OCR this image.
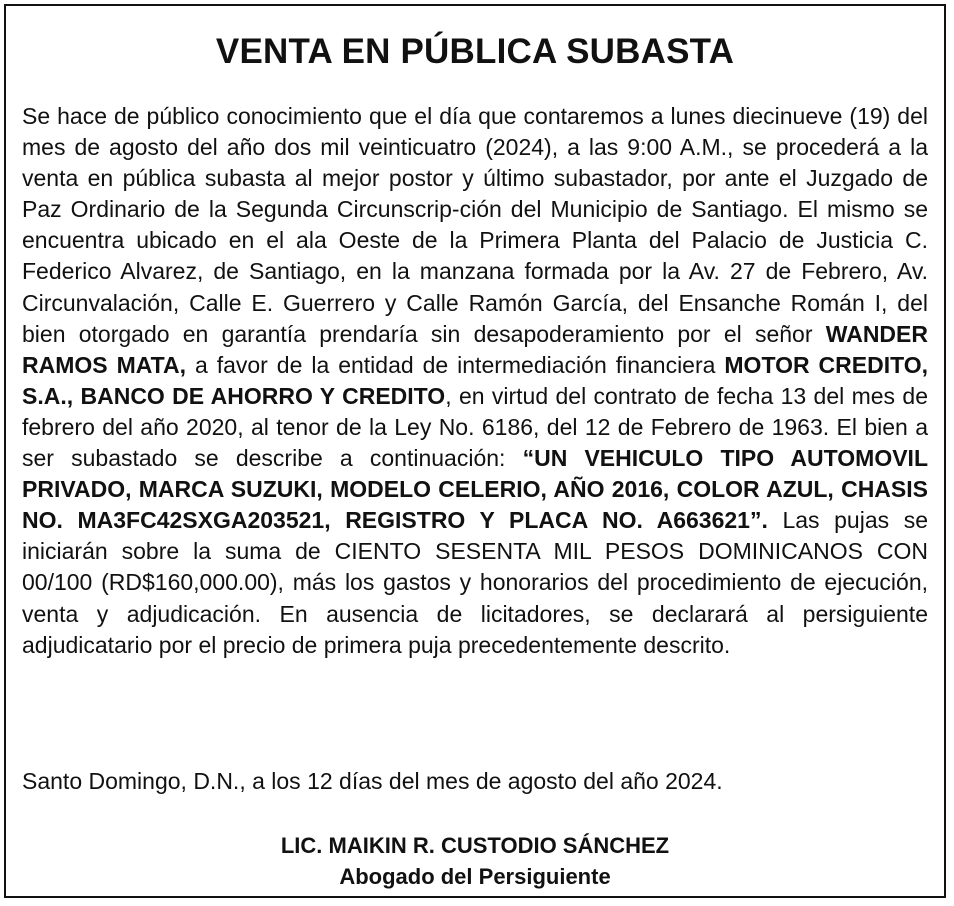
VENTA EN PÚBLICA SUBASTA

Se hace de público conocimiento que el día que contaremos a lunes diecinueve (19) del mes de agosto del año dos mil veinticuatro (2024), a las 9:00 A.M., se procederá a la venta en pública subasta al mejor postor y último subastador, por ante el Juzgado de Paz Ordinario de la Segunda Circunscrip-ción del Municipio de Santiago. El mismo se encuentra ubicado en el ala Oeste de la Primera Planta del Palacio de Justicia C. Federico Alvarez, de Santiago, en la manzana formada por la Av. 27 de Febrero, Av. Circunvalación, Calle E. Guerrero y Calle Ramón García, del Ensanche Román I, del bien otorgado en garantía prendaría sin desapoderamiento por el señor WANDER RAMOS MATA, a favor de la entidad de intermediación financiera MOTOR CREDITO, S.A., BANCO DE AHORRO Y CREDITO, en virtud del contrato de fecha 13 del mes de febrero del año 2020, al tenor de la Ley No. 6186, del 12 de Febrero de 1963. El bien a ser subastado se describe a continuación: “UN VEHICULO TIPO AUTOMOVIL PRIVADO, MARCA SUZUKI, MODELO CELERIO, AÑO 2016, COLOR AZUL, CHASIS NO. MA3FC42SXGA203521, REGISTRO Y PLACA NO. A663621”. Las pujas se iniciarán sobre la suma de CIENTO SESENTA MIL PESOS DOMINICANOS CON 00/100 (RD$160,000.00), más los gastos y honorarios del procedimiento de ejecución, venta y adjudicación. En ausencia de licitadores, se declarará al persiguiente adjudicatario por el precio de primera puja precedentemente descrito.

Santo Domingo, D.N., a los 12 días del mes de agosto del año 2024.

LIC. MAIKIN R. CUSTODIO SÁNCHEZ
Abogado del Persiguiente
